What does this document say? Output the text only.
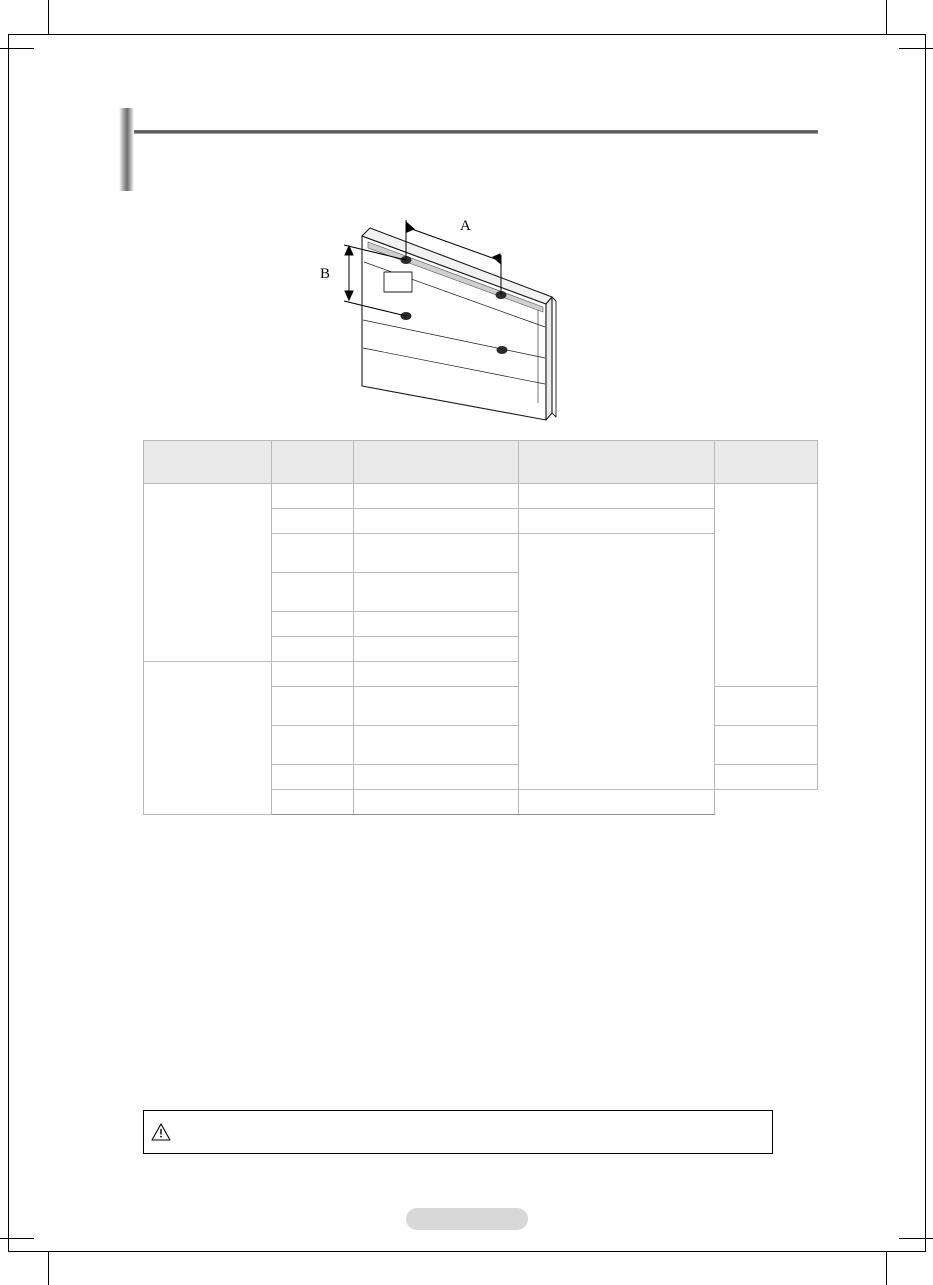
A
B
